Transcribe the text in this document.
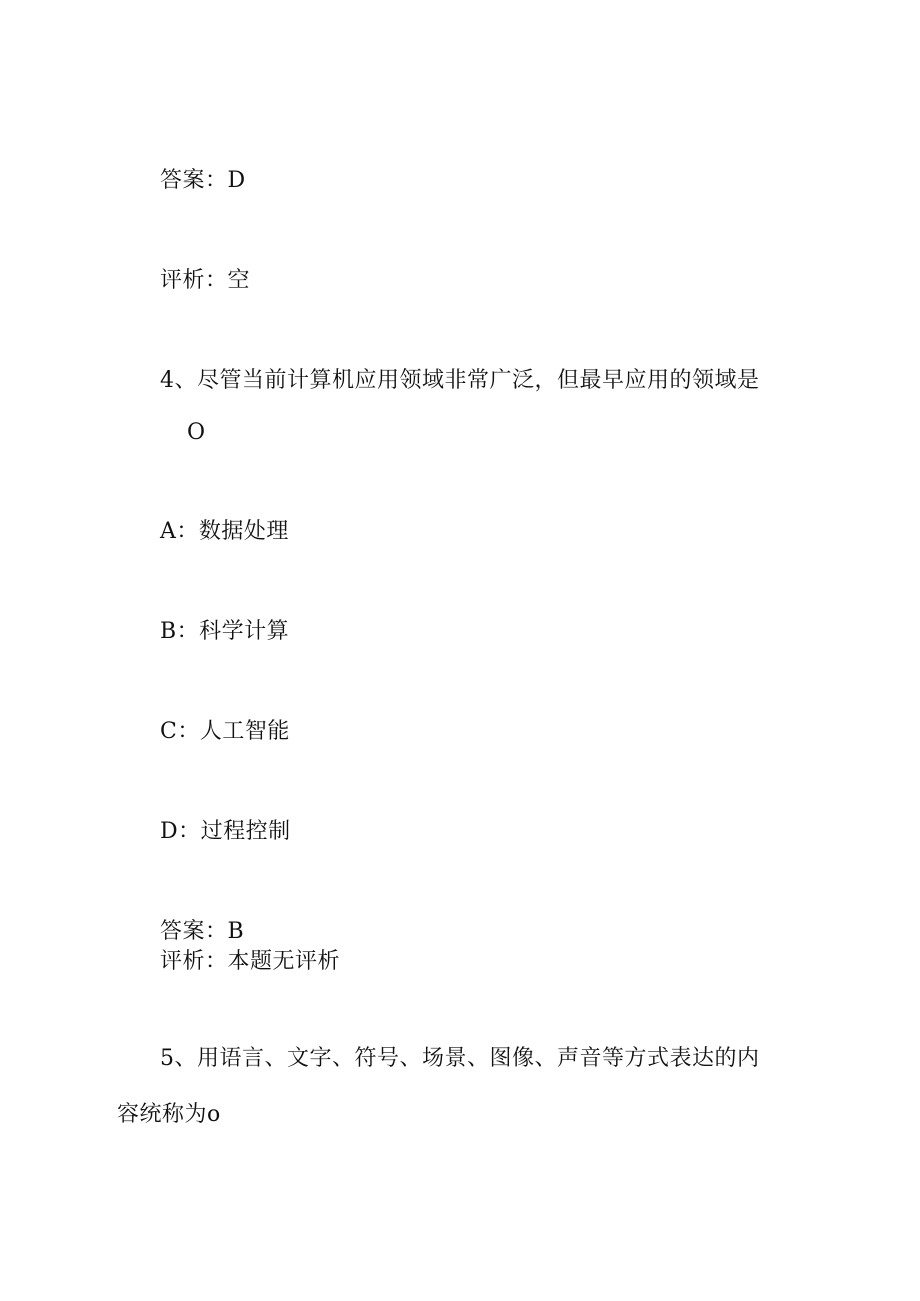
答案：D
评析：空
4、尽管当前计算机应用领域非常广泛，但最早应用的领域是
O
A：数据处理
B：科学计算
C：人工智能
D：过程控制
答案：B
评析：本题无评析
5、用语言、文字、符号、场景、图像、声音等方式表达的内
容统称为o
